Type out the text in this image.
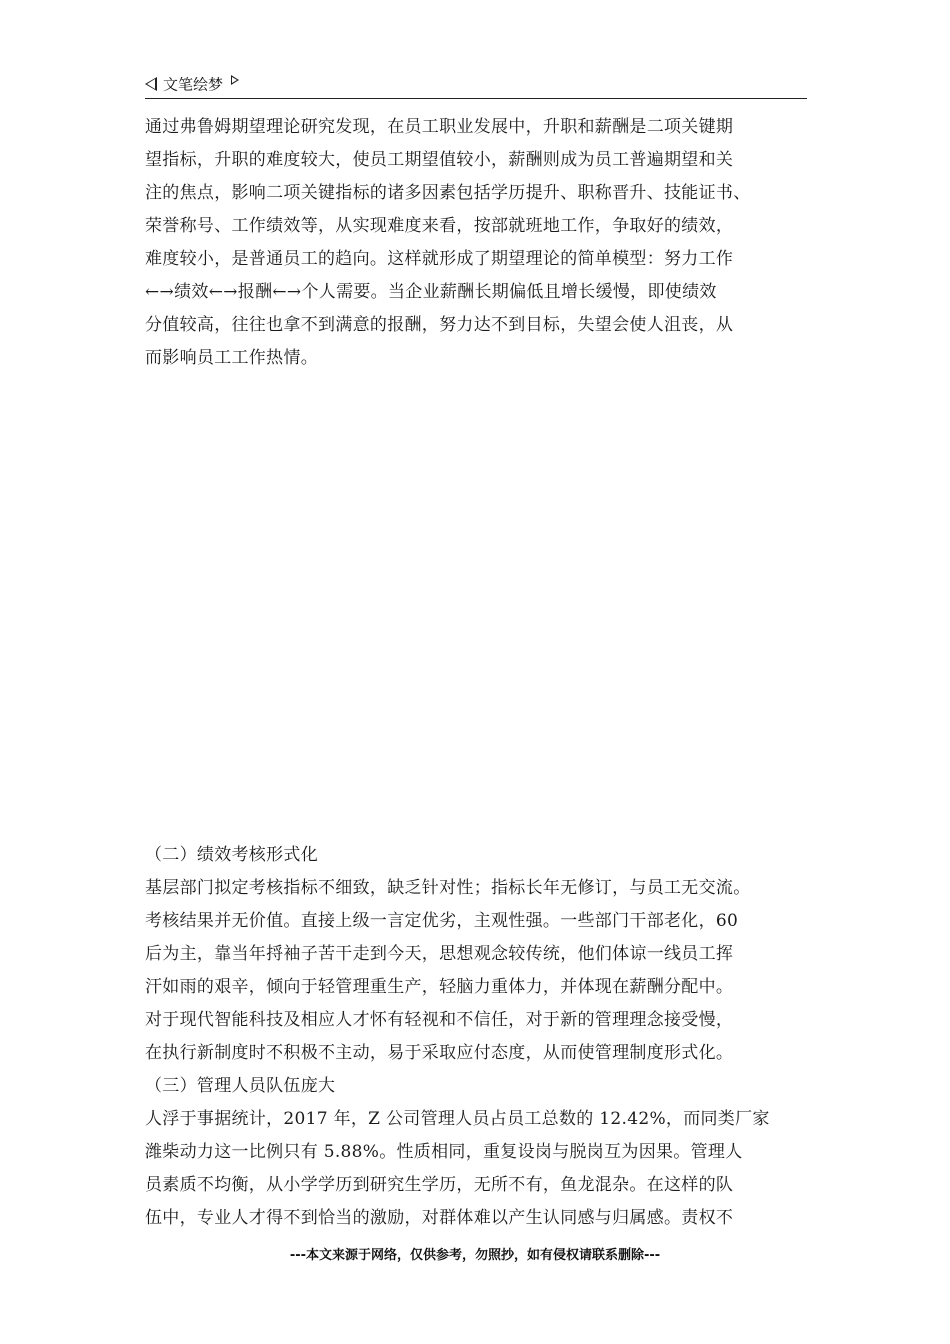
文笔绘梦
通过弗鲁姆期望理论研究发现，在员工职业发展中，升职和薪酬是二项关键期
望指标，升职的难度较大，使员工期望值较小，薪酬则成为员工普遍期望和关
注的焦点，影响二项关键指标的诸多因素包括学历提升、职称晋升、技能证书、
荣誉称号、工作绩效等，从实现难度来看，按部就班地工作，争取好的绩效，
难度较小，是普通员工的趋向。这样就形成了期望理论的简单模型：努力工作
←→绩效←→报酬←→个人需要。当企业薪酬长期偏低且增长缓慢，即使绩效
分值较高，往往也拿不到满意的报酬，努力达不到目标，失望会使人沮丧，从
而影响员工工作热情。
（二）绩效考核形式化
基层部门拟定考核指标不细致，缺乏针对性；指标长年无修订，与员工无交流。
考核结果并无价值。直接上级一言定优劣，主观性强。一些部门干部老化，60
后为主，靠当年捋袖子苦干走到今天，思想观念较传统，他们体谅一线员工挥
汗如雨的艰辛，倾向于轻管理重生产，轻脑力重体力，并体现在薪酬分配中。
对于现代智能科技及相应人才怀有轻视和不信任，对于新的管理理念接受慢，
在执行新制度时不积极不主动，易于采取应付态度，从而使管理制度形式化。
（三）管理人员队伍庞大
人浮于事据统计，2017 年，Z 公司管理人员占员工总数的 12.42%，而同类厂家
潍柴动力这一比例只有 5.88%。性质相同，重复设岗与脱岗互为因果。管理人
员素质不均衡，从小学学历到研究生学历，无所不有，鱼龙混杂。在这样的队
伍中，专业人才得不到恰当的激励，对群体难以产生认同感与归属感。责权不
---本文来源于网络，仅供参考，勿照抄，如有侵权请联系删除---
